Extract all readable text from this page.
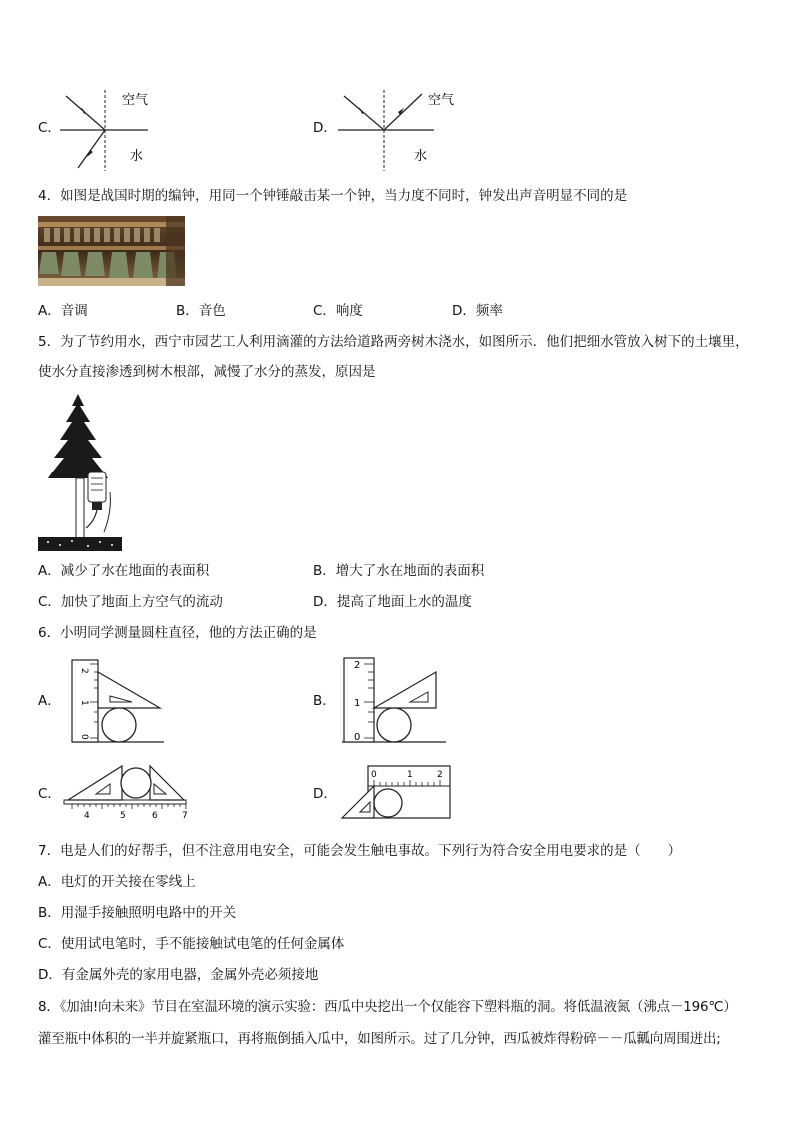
C．
空气
水
D．
空气
水
4．如图是战国时期的编钟，用同一个钟锤敲击某一个钟，当力度不同时，钟发出声音明显不同的是
A．音调	B．音色	C．响度	D．频率
5．为了节约用水，西宁市园艺工人利用滴灌的方法给道路两旁树木浇水，如图所示．他们把细水管放入树下的土壤里，
使水分直接渗透到树木根部，减慢了水分的蒸发，原因是
A．减少了水在地面的表面积	B．增大了水在地面的表面积
C．加快了地面上方空气的流动	D．提高了地面上水的温度
6．小明同学测量圆柱直径，他的方法正确的是
A．
2
1
0
B．
2
1
0
C．
4	5	6	7
D．
0	1	2
7．电是人们的好帮手，但不注意用电安全，可能会发生触电事故。下列行为符合安全用电要求的是（　　）
A．电灯的开关接在零线上
B．用湿手接触照明电路中的开关
C．使用试电笔时，手不能接触试电笔的任何金属体
D．有金属外壳的家用电器，金属外壳必须接地
8．《加油!向未来》节目在室温环境的演示实验：西瓜中央挖出一个仅能容下塑料瓶的洞。将低温液氮（沸点－196℃）
灌至瓶中体积的一半并旋紧瓶口，再将瓶倒插入瓜中，如图所示。过了几分钟，西瓜被炸得粉碎－－瓜瓤向周围迸出;
